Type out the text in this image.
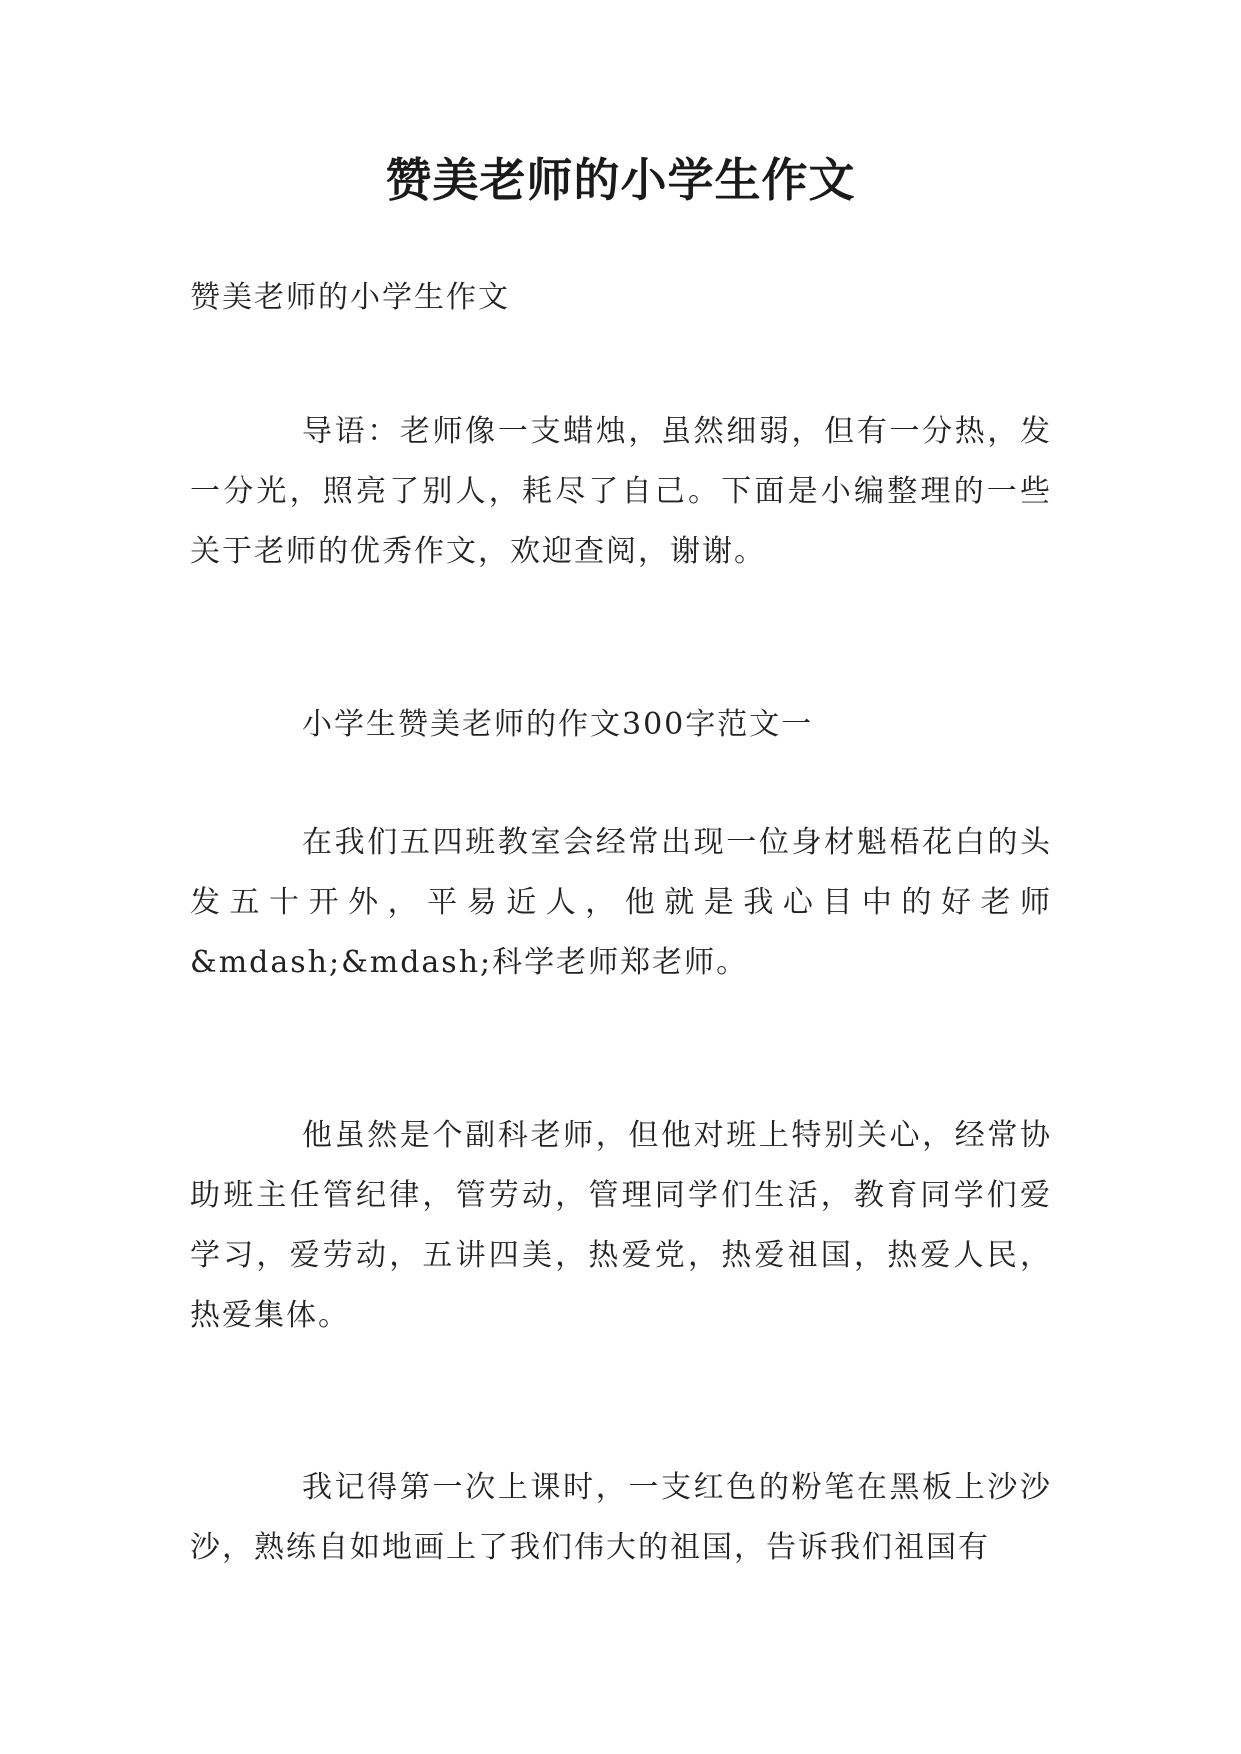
赞美老师的小学生作文

赞美老师的小学生作文

导语：老师像一支蜡烛，虽然细弱，但有一分热，发一分光，照亮了别人，耗尽了自己。下面是小编整理的一些关于老师的优秀作文，欢迎查阅，谢谢。

小学生赞美老师的作文300字范文一

在我们五四班教室会经常出现一位身材魁梧花白的头发五十开外，平易近人，他就是我心目中的好老师&mdash;&mdash;科学老师郑老师。

他虽然是个副科老师，但他对班上特别关心，经常协助班主任管纪律，管劳动，管理同学们生活，教育同学们爱学习，爱劳动，五讲四美，热爱党，热爱祖国，热爱人民，热爱集体。

我记得第一次上课时，一支红色的粉笔在黑板上沙沙沙，熟练自如地画上了我们伟大的祖国，告诉我们祖国有
